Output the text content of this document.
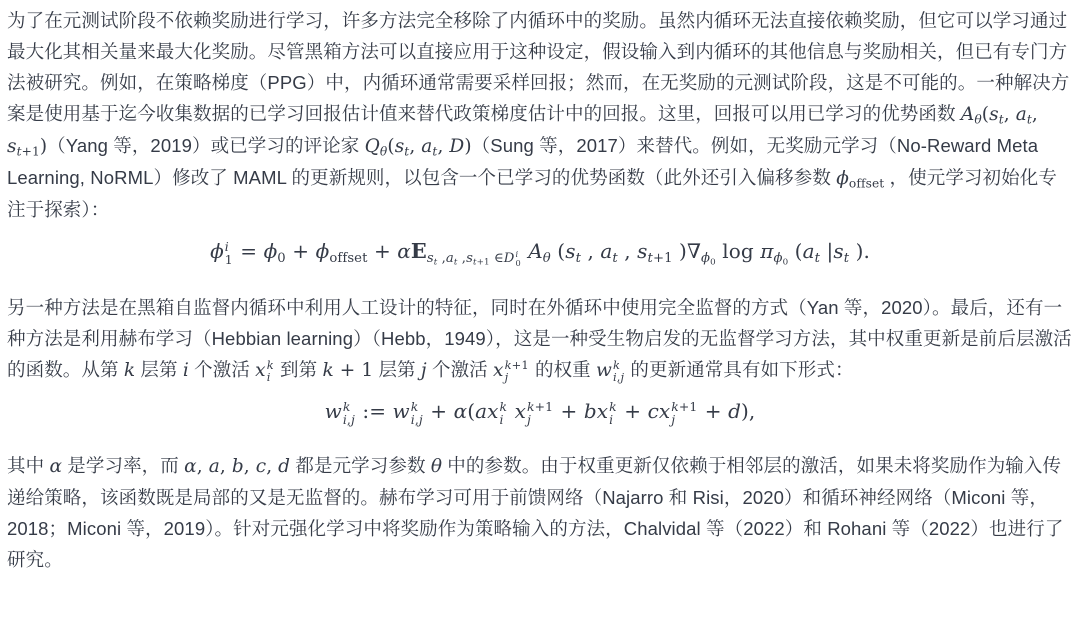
为了在元测试阶段不依赖奖励进行学习，许多方法完全移除了内循环中的奖励。虽然内循环无法直接依赖奖励，但它可以学习通过最大化其相关量来最大化奖励。尽管黑箱方法可以直接应用于这种设定，假设输入到内循环的其他信息与奖励相关，但已有专门方法被研究。例如，在策略梯度（PPG）中，内循环通常需要采样回报；然而，在无奖励的元测试阶段，这是不可能的。一种解决方案是使用基于迄今收集数据的已学习回报估计值来替代政策梯度估计中的回报。这里，回报可以用已学习的优势函数 $A_\theta(s_t$, $a_t$, $s_{t+1})(Yang$ 等，2019）或已学习的评论家 $Q_\theta(s_t$, $a_t$, D)（Sung 等，2017）来替代。例如，无奖励元学习（No-Reward Meta Learning, NoRML）修改了 MAML 的更新规则，以包含一个已学习的优势函数（此外还引入偏移参数 $\phi_{offset}$ ，使元学习初始化专注于探索）：

ϕ i
$1 = \phi_0 + \phi_{offset} + \alpha E_{s_t ,a_t ,s_{t+1} \in D i 0}$
$A_\theta$ ($s_t$ , $a_t$ , $s_{t+1}$ )$\nabla_{\phi_0}$ $\log \pi_{\phi_0}$ ($a_t$ $|s_t$ ).

另一种方法是在黑箱自监督内循环中利用人工设计的特征，同时在外循环中使用完全监督的方式（Yan 等，2020）。最后，还有一种方法是利用赫布学习（Hebbian learning）（Hebb，1949），这是一种受生物启发的无监督学习方法，其中权重更新是前后层激活的函数。从第 k 层第 i 个激活 x k
i 到第 k + 1 层第 j 个激活 x k+1
j 的权重 w k
i,j 的更新通常具有如下形式：

w k
i,j := w k
i,j + α(ax k
i x k+1
j + bx k
i + cx k+1
j + d),

其中 α 是学习率，而 α, a, b, c, d 都是元学习参数 θ 中的参数。由于权重更新仅依赖于相邻层的激活，如果未将奖励作为输入传递给策略，该函数既是局部的又是无监督的。赫布学习可用于前馈网络（Najarro 和 Risi，2020）和循环神经网络（Miconi 等，2018；Miconi 等，2019）。针对元强化学习中将奖励作为策略输入的方法，Chalvidal 等（2022）和 Rohani 等（2022）也进行了研究。
